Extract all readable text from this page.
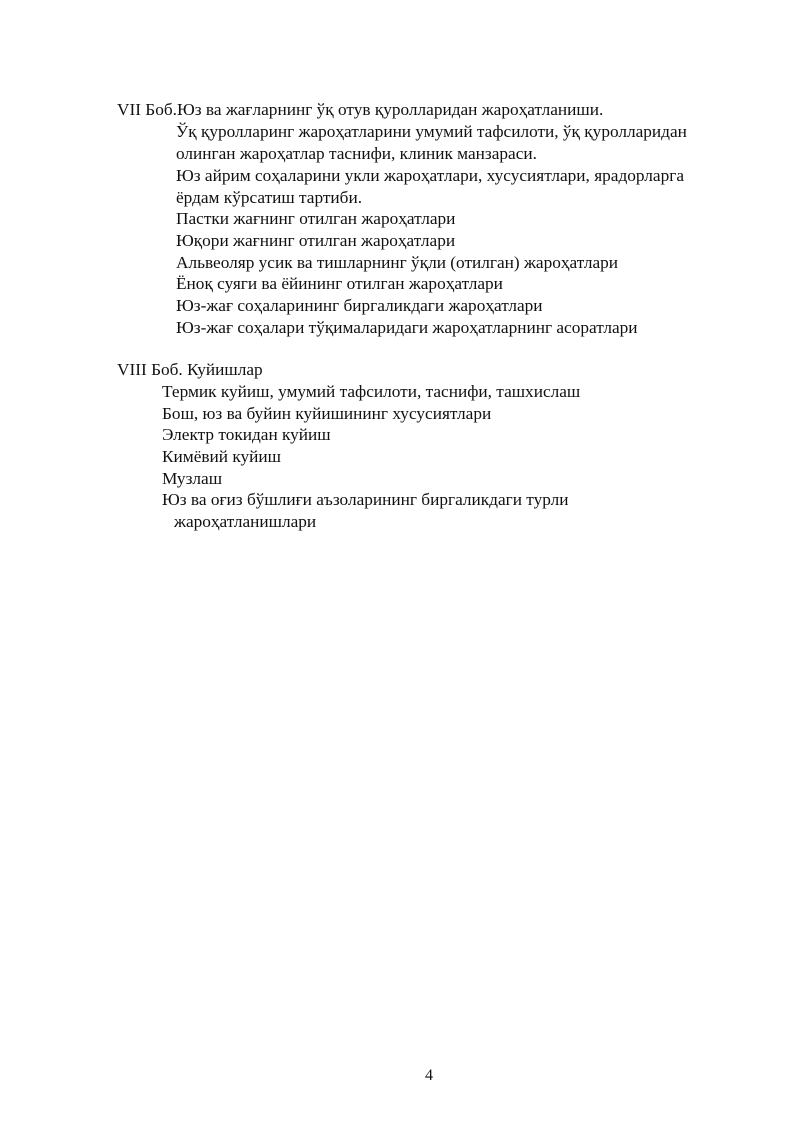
VII Боб.Юз ва жағларнинг ўқ отув қуролларидан жароҳатланиши.
Ўқ қуролларинг жароҳатларини умумий тафсилоти, ўқ қуролларидан
олинган жароҳатлар таснифи, клиник манзараси.
Юз айрим соҳаларини укли жароҳатлари, хусусиятлари, ярадорларга
ёрдам кўрсатиш тартиби.
Пастки жағнинг отилган жароҳатлари
Юқори жағнинг отилган жароҳатлари
Альвеоляр усик ва тишларнинг ўқли (отилган) жароҳатлари
Ёноқ суяги ва ёйининг отилган жароҳатлари
Юз-жағ соҳаларининг биргаликдаги жароҳатлари
Юз-жағ соҳалари тўқималаридаги жароҳатларнинг асоратлари
VIII Боб. Куйишлар
Термик куйиш, умумий тафсилоти, таснифи, ташхислаш
Бош, юз ва буйин куйишининг хусусиятлари
Электр токидан куйиш
Кимёвий куйиш
Музлаш
Юз ва оғиз бўшлиғи аъзоларининг биргаликдаги турли
жароҳатланишлари
4
